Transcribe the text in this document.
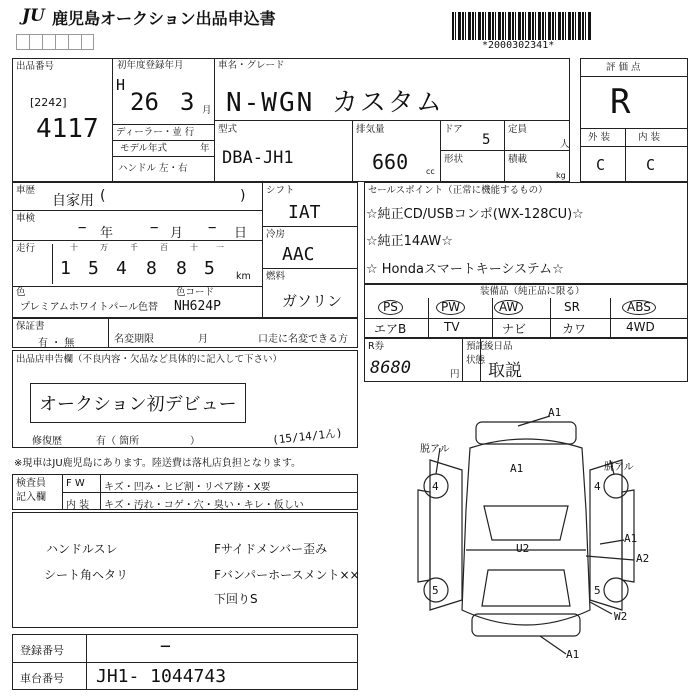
JU 鹿児島オークション出品申込書
*2000302341*
出品番号
[2242]
4117
初年度登録年月
H
26 3 月
ディーラー・並 行
モデル年式	年
ハンドル 左・右
車名・グレード
N-WGN カスタム
型式
DBA-JH1
排気量
660 cc
ドア
5
定員
人
形状	積載
kg
評 価 点
R
外 装	内 装
C	C
車歴
自家用 (	)
車検
− 年	− 月 − 日
走行	十	万	千	百	十 一
1 5 4 8 8 5 km
色
プレミアムホワイトパール 色替
色コード
NH624P
シフト
IAT
冷房
AAC
燃料
ガソリン
セールスポイント（正常に機能するもの）
☆純正CD/USBコンポ(WX-128CU)☆
☆純正14AW☆
☆ Hondaスマートキーシステム☆
装備品（純正品に限る）
PS	PW	AW	SR	ABS
エアB	TV	ナビ	カワ	4WD
保証書
有 ・ 無	名変期限	月	口走に名変できる方
R券
8680	円
預託
状態
後日品
取説
出品店申告欄（不良内容・欠品など具体的に記入して下さい）
オークション初デビュー
修復歴	有（ 箇所	）	(15/14/1ん)
※現車はJU鹿児島にあります。陸送費は落札店負担となります。
検査員
記入欄
F W キズ・凹み・ヒビ割・リペア跡・X要
内 装 キズ・汚れ・コゲ・穴・臭い・キレ・仮しい
ハンドルスレ	Fサイドメンバー歪み
シート角ヘタリ	Fバンパーホースメント××
下回りS
登録番号	−
車台番号 JH1- 1044743
A1
A1
U2
A1
A2
W2
A1
脱アル
脱アル
4	4
5	5
